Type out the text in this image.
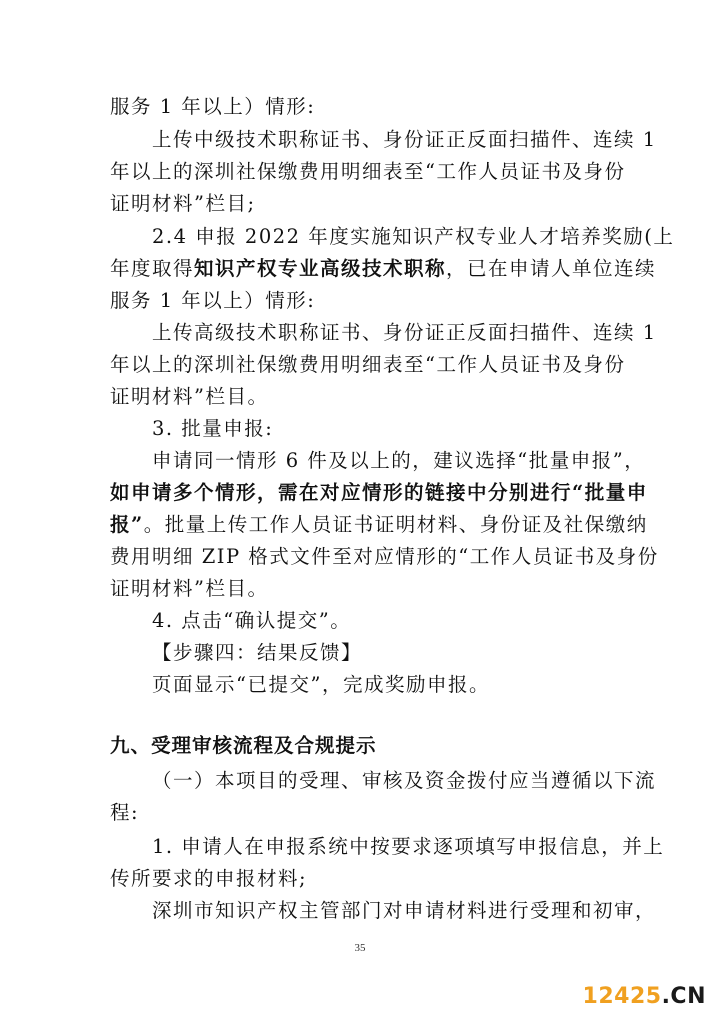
服务 1 年以上）情形:
上传中级技术职称证书、身份证正反面扫描件、连续 1
年以上的深圳社保缴费用明细表至“工作人员证书及身份
证明材料”栏目;
2.4 申报 2022 年度实施知识产权专业人才培养奖励(上
年度取得知识产权专业高级技术职称，已在申请人单位连续
服务 1 年以上）情形:
上传高级技术职称证书、身份证正反面扫描件、连续 1
年以上的深圳社保缴费用明细表至“工作人员证书及身份
证明材料”栏目。
3. 批量申报:
申请同一情形 6 件及以上的，建议选择“批量申报”，
如申请多个情形，需在对应情形的链接中分别进行“批量申
报”。批量上传工作人员证书证明材料、身份证及社保缴纳
费用明细 ZIP 格式文件至对应情形的“工作人员证书及身份
证明材料”栏目。
4. 点击“确认提交”。
【步骤四：结果反馈】
页面显示“已提交”，完成奖励申报。
九、受理审核流程及合规提示
（一）本项目的受理、审核及资金拨付应当遵循以下流
程:
1. 申请人在申报系统中按要求逐项填写申报信息，并上
传所要求的申报材料;
深圳市知识产权主管部门对申请材料进行受理和初审，
35
12425.CN
